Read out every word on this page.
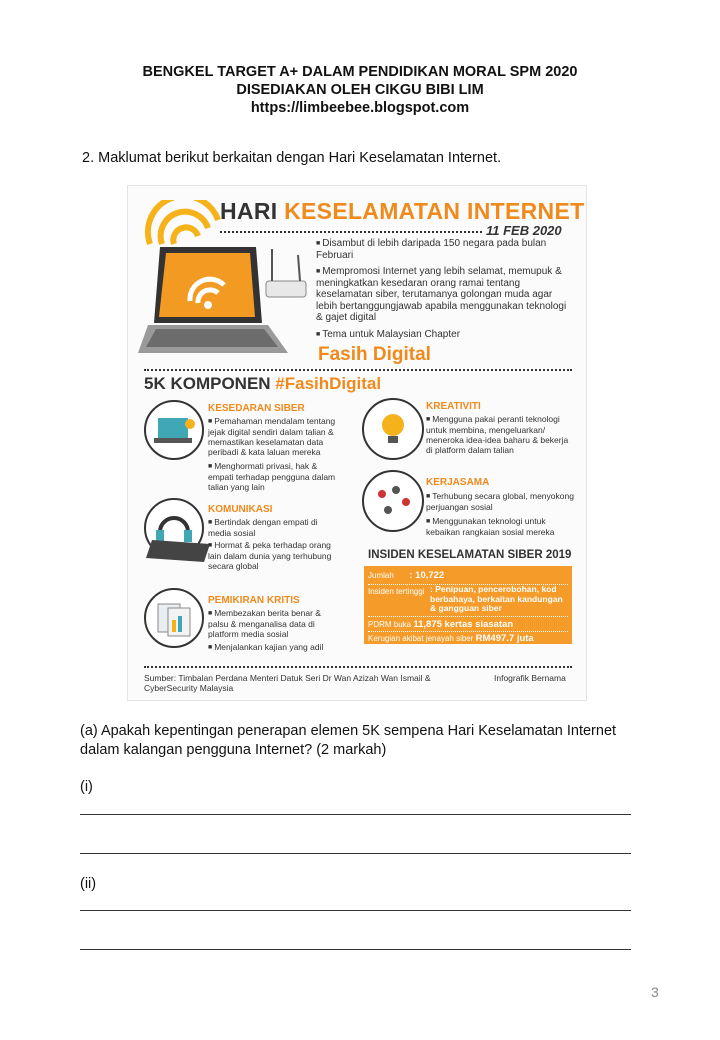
BENGKEL TARGET A+ DALAM PENDIDIKAN MORAL SPM 2020
DISEDIAKAN OLEH CIKGU BIBI LIM
https://limbeebee.blogspot.com
2. Maklumat berikut berkaitan dengan Hari Keselamatan Internet.
HARI KESELAMATAN INTERNET
11 FEB 2020
■ Disambut di lebih daripada 150 negara pada bulan Februari
■ Mempromosi Internet yang lebih selamat, memupuk & meningkatkan kesedaran orang ramai tentang keselamatan siber, terutamanya golongan muda agar lebih bertanggungjawab apabila menggunakan teknologi & gajet digital
■ Tema untuk Malaysian Chapter
Fasih Digital
5K KOMPONEN #FasihDigital
KESEDARAN SIBER
■ Pemahaman mendalam tentang jejak digital sendiri dalam talian & memastikan keselamatan data peribadi & kata laluan mereka
■ Menghormati privasi, hak & empati terhadap pengguna dalam talian yang lain
KREATIVITI
■ Mengguna pakai peranti teknologi untuk membina, mengeluarkan/ meneroka idea-idea baharu & bekerja di platform dalam talian
KERJASAMA
■ Terhubung secara global, menyokong perjuangan sosial
■ Menggunakan teknologi untuk kebaikan rangkaian sosial mereka
KOMUNIKASI
■ Bertindak dengan empati di media sosial
■ Hormat & peka terhadap orang lain dalam dunia yang terhubung secara global
PEMIKIRAN KRITIS
■ Membezakan berita benar & palsu & menganalisa data di platform media sosial
■ Menjalankan kajian yang adil
INSIDEN KESELAMATAN SIBER 2019
Jumlah : 10,722
Insiden tertinggi : Penipuan, pencerobohan, kod berbahaya, berkaitan kandungan & gangguan siber
PDRM buka 11,875 kertas siasatan
Kerugian akibat jenayah siber RM497.7 juta
Sumber: Timbalan Perdana Menteri Datuk Seri Dr Wan Azizah Wan Ismail & CyberSecurity Malaysia
Infografik Bernama
(a) Apakah kepentingan penerapan elemen 5K sempena Hari Keselamatan Internet dalam kalangan pengguna Internet? (2 markah)
(i)
(ii)
3
